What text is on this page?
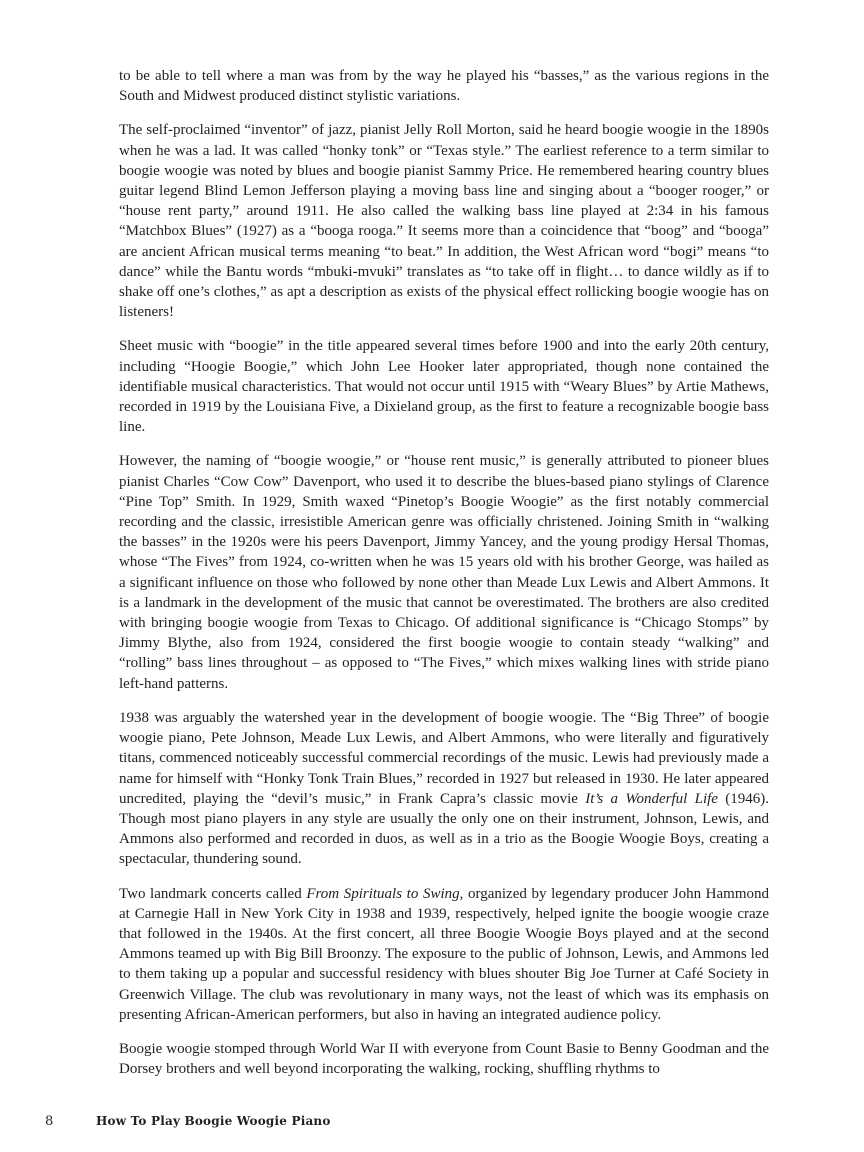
to be able to tell where a man was from by the way he played his “basses,” as the various regions in the South and Midwest produced distinct stylistic variations.

The self-proclaimed “inventor” of jazz, pianist Jelly Roll Morton, said he heard boogie woogie in the 1890s when he was a lad. It was called “honky tonk” or “Texas style.” The earliest reference to a term similar to boogie woogie was noted by blues and boogie pianist Sammy Price. He remembered hearing country blues guitar legend Blind Lemon Jefferson playing a moving bass line and singing about a “booger rooger,” or “house rent party,” around 1911. He also called the walking bass line played at 2:34 in his famous “Matchbox Blues” (1927) as a “booga rooga.” It seems more than a coincidence that “boog” and “booga” are ancient African musical terms meaning “to beat.” In addition, the West African word “bogi” means “to dance” while the Bantu words “mbuki-mvuki” translates as “to take off in flight… to dance wildly as if to shake off one’s clothes,” as apt a description as exists of the physical effect rollicking boogie woogie has on listeners!

Sheet music with “boogie” in the title appeared several times before 1900 and into the early 20th century, including “Hoogie Boogie,” which John Lee Hooker later appropriated, though none contained the identifiable musical characteristics. That would not occur until 1915 with “Weary Blues” by Artie Mathews, recorded in 1919 by the Louisiana Five, a Dixieland group, as the first to feature a recognizable boogie bass line.

However, the naming of “boogie woogie,” or “house rent music,” is generally attributed to pioneer blues pianist Charles “Cow Cow” Davenport, who used it to describe the blues-based piano stylings of Clarence “Pine Top” Smith. In 1929, Smith waxed “Pinetop’s Boogie Woogie” as the first notably commercial recording and the classic, irresistible American genre was officially christened. Joining Smith in “walking the basses” in the 1920s were his peers Davenport, Jimmy Yancey, and the young prodigy Hersal Thomas, whose “The Fives” from 1924, co-written when he was 15 years old with his brother George, was hailed as a significant influence on those who followed by none other than Meade Lux Lewis and Albert Ammons. It is a landmark in the development of the music that cannot be overestimated. The brothers are also credited with bringing boogie woogie from Texas to Chicago. Of additional significance is “Chicago Stomps” by Jimmy Blythe, also from 1924, considered the first boogie woogie to contain steady “walking” and “rolling” bass lines throughout – as opposed to “The Fives,” which mixes walking lines with stride piano left-hand patterns.

1938 was arguably the watershed year in the development of boogie woogie. The “Big Three” of boogie woogie piano, Pete Johnson, Meade Lux Lewis, and Albert Ammons, who were literally and figuratively titans, commenced noticeably successful commercial recordings of the music. Lewis had previously made a name for himself with “Honky Tonk Train Blues,” recorded in 1927 but released in 1930. He later appeared uncredited, playing the “devil’s music,” in Frank Capra’s classic movie It’s a Wonderful Life (1946). Though most piano players in any style are usually the only one on their instrument, Johnson, Lewis, and Ammons also performed and recorded in duos, as well as in a trio as the Boogie Woogie Boys, creating a spectacular, thundering sound.

Two landmark concerts called From Spirituals to Swing, organized by legendary producer John Hammond at Carnegie Hall in New York City in 1938 and 1939, respectively, helped ignite the boogie woogie craze that followed in the 1940s. At the first concert, all three Boogie Woogie Boys played and at the second Ammons teamed up with Big Bill Broonzy. The exposure to the public of Johnson, Lewis, and Ammons led to them taking up a popular and successful residency with blues shouter Big Joe Turner at Café Society in Greenwich Village. The club was revolutionary in many ways, not the least of which was its emphasis on presenting African-American performers, but also in having an integrated audience policy.

Boogie woogie stomped through World War II with everyone from Count Basie to Benny Goodman and the Dorsey brothers and well beyond incorporating the walking, rocking, shuffling rhythms to

8	How To Play Boogie Woogie Piano
